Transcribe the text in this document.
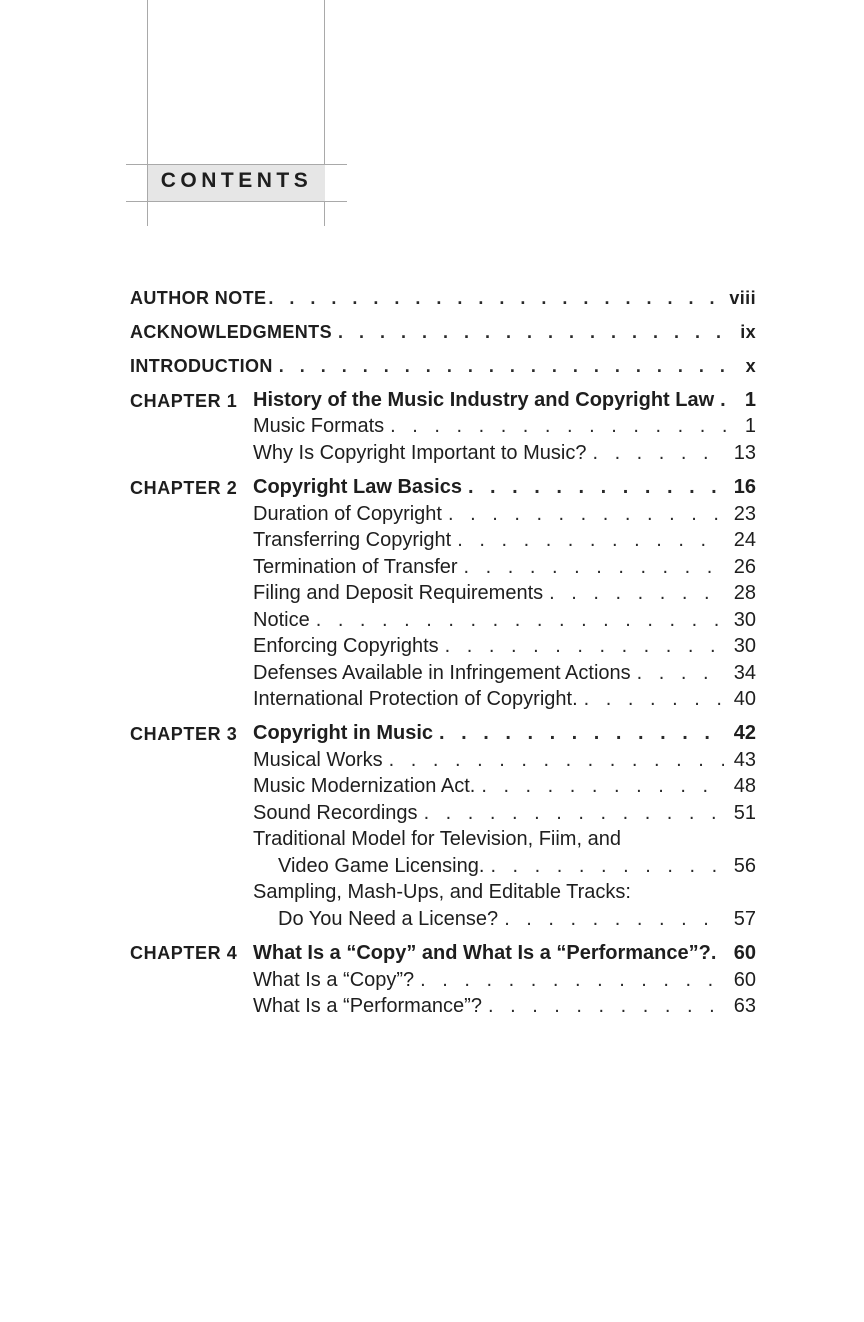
CONTENTS
AUTHOR NOTE . . .	viii
ACKNOWLEDGMENTS . . .	ix
INTRODUCTION . . .	x
CHAPTER 1 History of the Music Industry and Copyright Law . . . 1
Music Formats . . .	1
Why Is Copyright Important to Music? . . .	13
CHAPTER 2 Copyright Law Basics . . .	16
Duration of Copyright . . .	23
Transferring Copyright . . .	24
Termination of Transfer . . .	26
Filing and Deposit Requirements . . .	28
Notice . . .	30
Enforcing Copyrights . . .	30
Defenses Available in Infringement Actions . . .	34
International Protection of Copyright. . . .	40
CHAPTER 3 Copyright in Music . . .	42
Musical Works . . .	43
Music Modernization Act. . . .	48
Sound Recordings . . .	51
Traditional Model for Television, Fiim, and
Video Game Licensing. . . .	56
Sampling, Mash-Ups, and Editable Tracks:
Do You Need a License? . . .	57
CHAPTER 4 What Is a “Copy” and What Is a “Performance”? . . . 60
What Is a “Copy”? . . .	60
What Is a “Performance”? . . .	63
